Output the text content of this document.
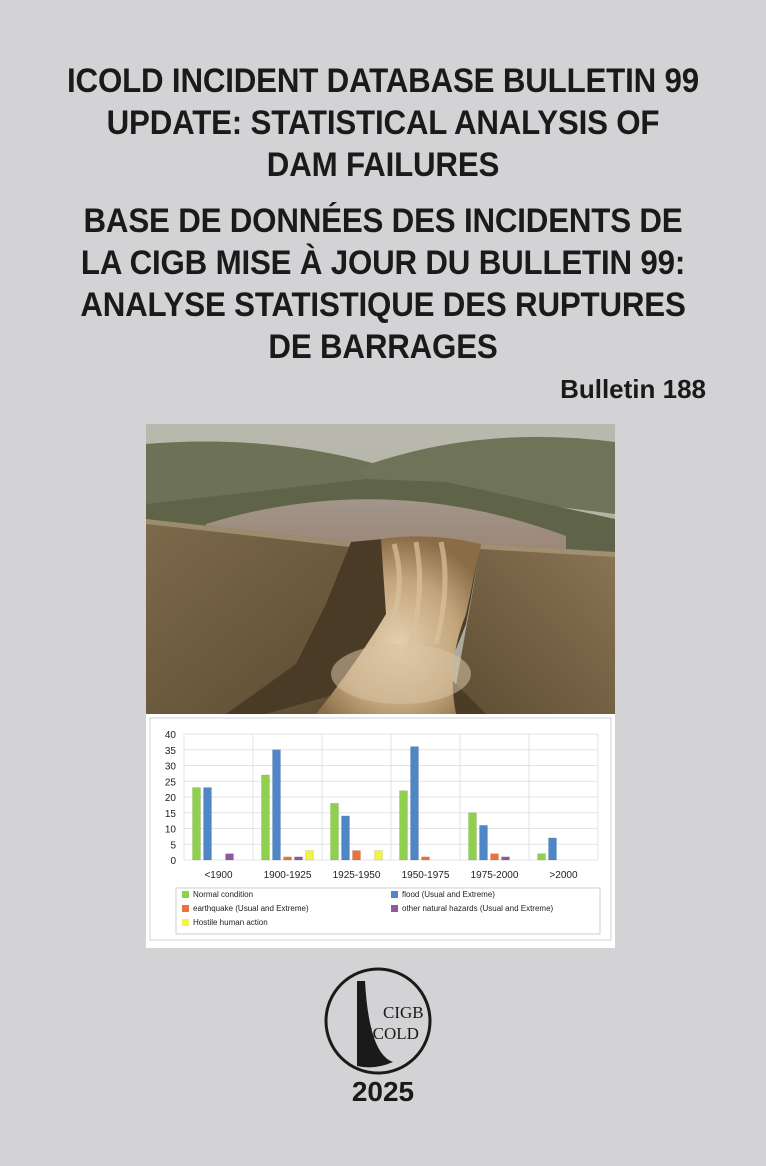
ICOLD INCIDENT DATABASE BULLETIN 99
UPDATE: STATISTICAL ANALYSIS OF
DAM FAILURES
BASE DE DONNÉES DES INCIDENTS DE
LA CIGB MISE À JOUR DU BULLETIN 99:
ANALYSE STATISTIQUE DES RUPTURES
DE BARRAGES
Bulletin 188
0
5
10
15
20
25
30
35
40
<1900	1900-1925 1925-1950 1950-1975 1975-2000	>2000
Normal condition	flood (Usual and Extreme)
earthquake (Usual and Extreme)	other natural hazards (Usual and Extreme)
Hostile human action
CIGB
ICOLD
2025
